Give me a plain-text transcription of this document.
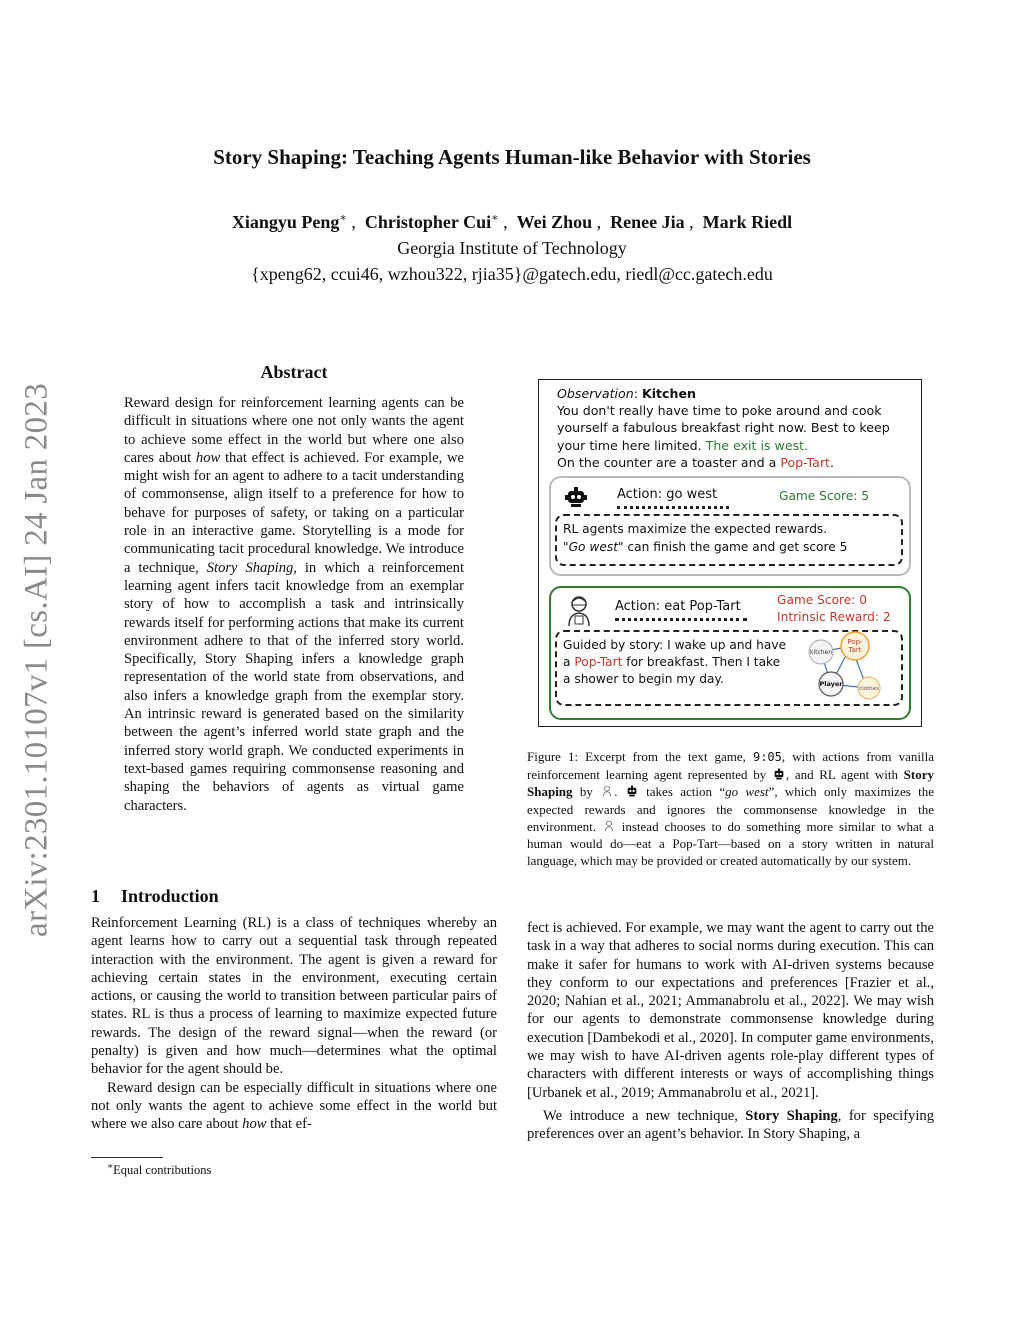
arXiv:2301.10107v1 [cs.AI] 24 Jan 2023
Story Shaping: Teaching Agents Human-like Behavior with Stories
Xiangyu Peng∗ ,  Christopher Cui∗ ,  Wei Zhou ,  Renee Jia ,  Mark Riedl
Georgia Institute of Technology
{xpeng62, ccui46, wzhou322, rjia35}@gatech.edu, riedl@cc.gatech.edu
Abstract
Reward design for reinforcement learning agents can be difficult in situations where one not only wants the agent to achieve some effect in the world but where one also cares about how that effect is achieved. For example, we might wish for an agent to adhere to a tacit understanding of commonsense, align itself to a preference for how to behave for purposes of safety, or taking on a particular role in an interactive game. Storytelling is a mode for communicating tacit procedural knowledge. We introduce a technique, Story Shaping, in which a reinforcement learning agent infers tacit knowledge from an exemplar story of how to accomplish a task and intrinsically rewards itself for performing actions that make its current environment adhere to that of the inferred story world. Specifically, Story Shaping infers a knowledge graph representation of the world state from observations, and also infers a knowledge graph from the exemplar story. An intrinsic reward is generated based on the similarity between the agent’s inferred world state graph and the inferred story world graph. We conducted experiments in text-based games requiring commonsense reasoning and shaping the behaviors of agents as virtual game characters.
Observation: Kitchen
You don't really have time to poke around and cook
yourself a fabulous breakfast right now. Best to keep
your time here limited. The exit is west.
On the counter are a toaster and a Pop-Tart.
Action: go west	Game Score: 5
RL agents maximize the expected rewards.
"Go west" can finish the game and get score 5
Action: eat Pop-Tart	Game Score: 0
Intrinsic Reward: 2
Guided by story: I wake up and have
a Pop-Tart for breakfast. Then I take
a shower to begin my day.
kitchen
Pop-
Tart
Player
clothes
Figure 1: Excerpt from the text game, 9:05, with actions from vanilla reinforcement learning agent represented by , and RL agent with Story Shaping by .  takes action “go west”, which only maximizes the expected rewards and ignores the commonsense knowledge in the environment.  instead chooses to do something more similar to what a human would do—eat a Pop-Tart—based on a story written in natural language, which may be provided or created automatically by our system.
1 Introduction

Reinforcement Learning (RL) is a class of techniques whereby an agent learns how to carry out a sequential task through repeated interaction with the environment. The agent is given a reward for achieving certain states in the environment, executing certain actions, or causing the world to transition between particular pairs of states. RL is thus a process of learning to maximize expected future rewards. The design of the reward signal—when the reward (or penalty) is given and how much—determines what the optimal behavior for the agent should be.

Reward design can be especially difficult in situations where one not only wants the agent to achieve some effect in the world but where we also care about how that ef-

∗Equal contributions

fect is achieved. For example, we may want the agent to carry out the task in a way that adheres to social norms during execution. This can make it safer for humans to work with AI-driven systems because they conform to our expectations and preferences [Frazier et al., 2020; Nahian et al., 2021; Ammanabrolu et al., 2022]. We may wish for our agents to demonstrate commonsense knowledge during execution [Dambekodi et al., 2020]. In computer game environments, we may wish to have AI-driven agents role-play different types of characters with different interests or ways of accomplishing things [Urbanek et al., 2019; Ammanabrolu et al., 2021].

We introduce a new technique, Story Shaping, for specifying preferences over an agent’s behavior. In Story Shaping, a
